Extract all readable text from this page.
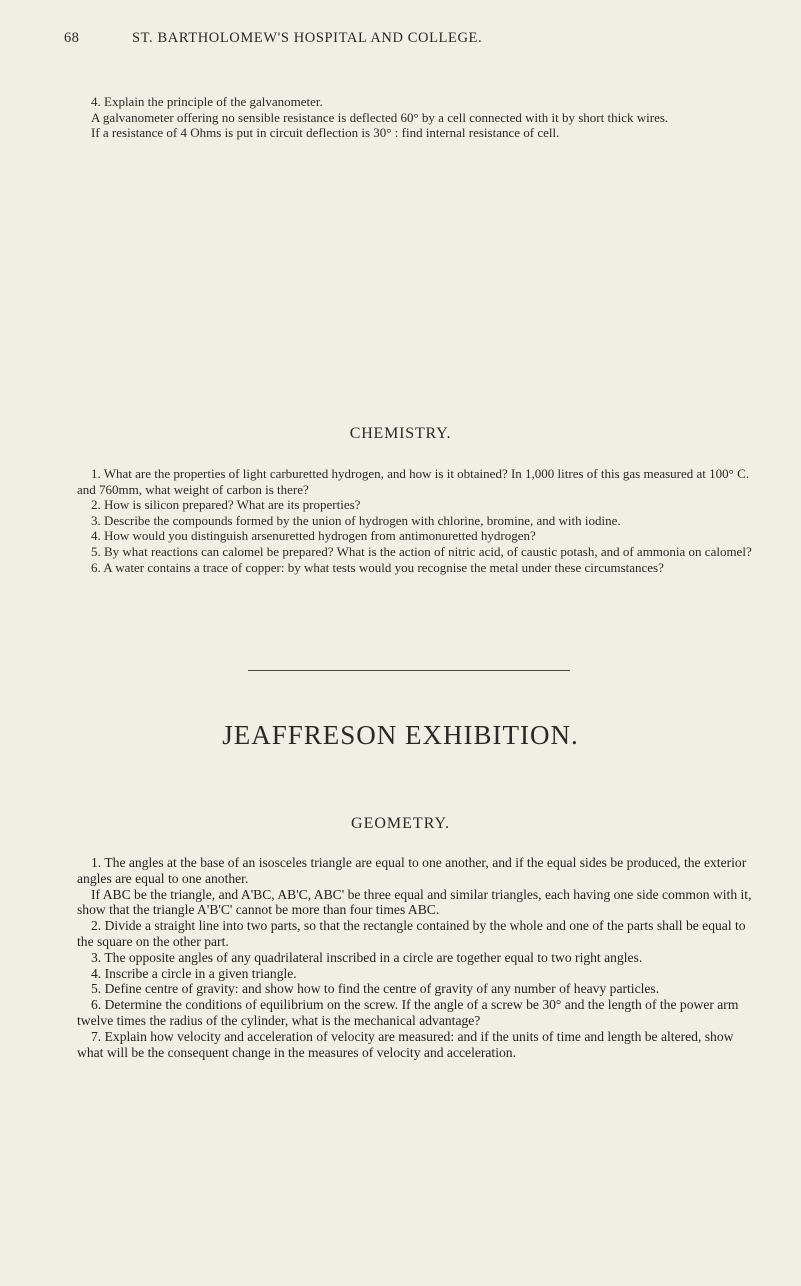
68	ST. BARTHOLOMEW'S HOSPITAL AND COLLEGE.

4. Explain the principle of the galvanometer.

A galvanometer offering no sensible resistance is deflected 60° by a cell connected with it by short thick wires.

If a resistance of 4 Ohms is put in circuit deflection is 30° : find internal resistance of cell.

CHEMISTRY.

1. What are the properties of light carburetted hydrogen, and how is it obtained? In 1,000 litres of this gas measured at 100° C. and 760mm, what weight of carbon is there?

2. How is silicon prepared? What are its properties?

3. Describe the compounds formed by the union of hydrogen with chlorine, bromine, and with iodine.

4. How would you distinguish arsenuretted hydrogen from antimonuretted hydrogen?

5. By what reactions can calomel be prepared? What is the action of nitric acid, of caustic potash, and of ammonia on calomel?

6. A water contains a trace of copper: by what tests would you recognise the metal under these circumstances?

JEAFFRESON EXHIBITION.
GEOMETRY.

1. The angles at the base of an isosceles triangle are equal to one another, and if the equal sides be produced, the exterior angles are equal to one another.

If ABC be the triangle, and A'BC, AB'C, ABC' be three equal and similar triangles, each having one side common with it, show that the triangle A'B'C' cannot be more than four times ABC.

2. Divide a straight line into two parts, so that the rectangle contained by the whole and one of the parts shall be equal to the square on the other part.

3. The opposite angles of any quadrilateral inscribed in a circle are together equal to two right angles.

4. Inscribe a circle in a given triangle.

5. Define centre of gravity: and show how to find the centre of gravity of any number of heavy particles.

6. Determine the conditions of equilibrium on the screw. If the angle of a screw be 30° and the length of the power arm twelve times the radius of the cylinder, what is the mechanical advantage?

7. Explain how velocity and acceleration of velocity are measured: and if the units of time and length be altered, show what will be the consequent change in the measures of velocity and acceleration.
